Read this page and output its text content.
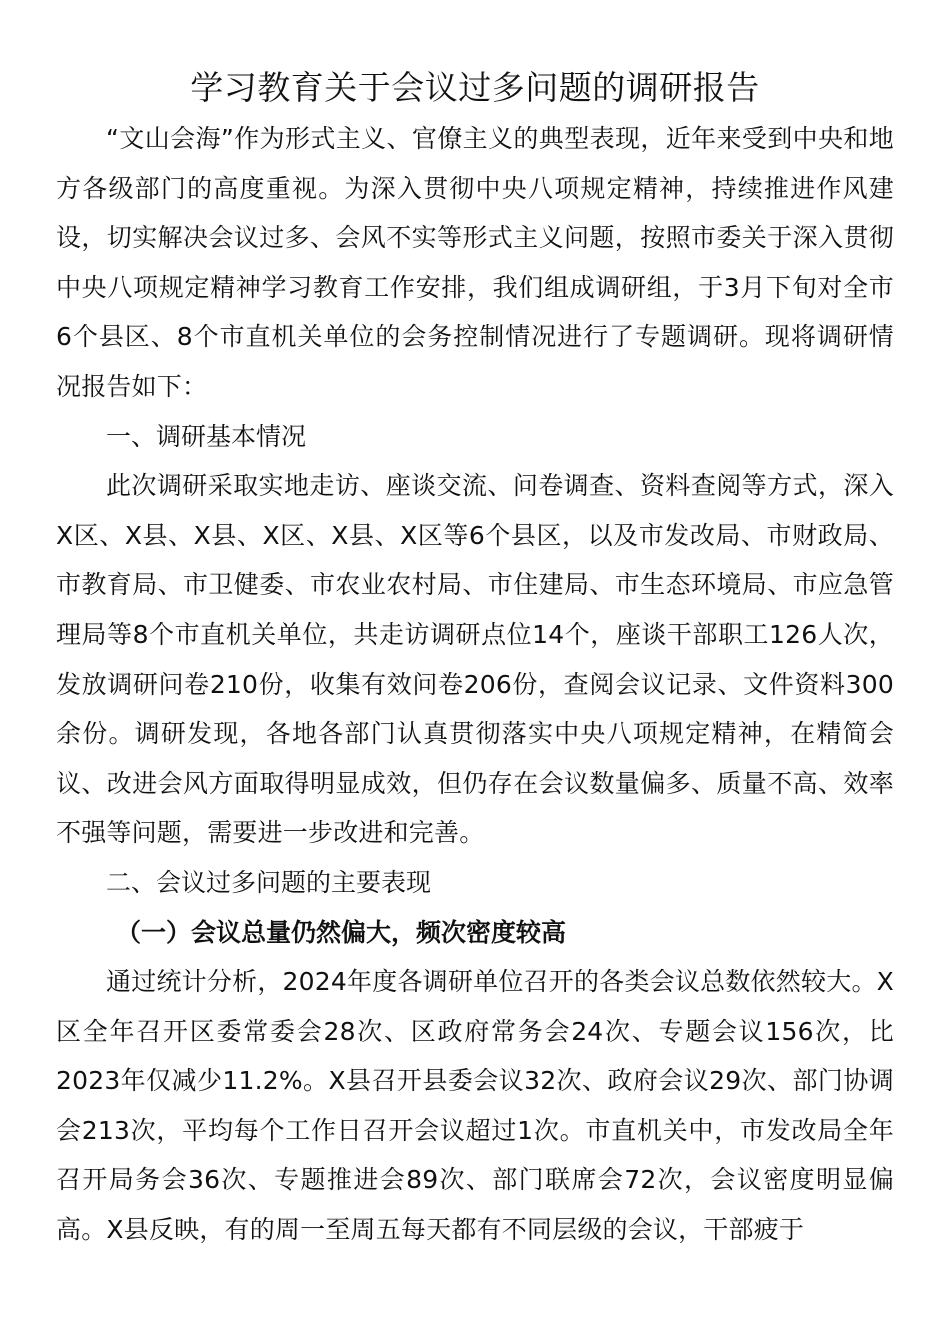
学习教育关于会议过多问题的调研报告

“文山会海”作为形式主义、官僚主义的典型表现，近年来受到中央和地方各级部门的高度重视。为深入贯彻中央八项规定精神，持续推进作风建设，切实解决会议过多、会风不实等形式主义问题，按照市委关于深入贯彻中央八项规定精神学习教育工作安排，我们组成调研组，于3月下旬对全市6个县区、8个市直机关单位的会务控制情况进行了专题调研。现将调研情况报告如下：

一、调研基本情况

此次调研采取实地走访、座谈交流、问卷调查、资料查阅等方式，深入X区、X县、X县、X区、X县、X区等6个县区，以及市发改局、市财政局、市教育局、市卫健委、市农业农村局、市住建局、市生态环境局、市应急管理局等8个市直机关单位，共走访调研点位14个，座谈干部职工126人次，发放调研问卷210份，收集有效问卷206份，查阅会议记录、文件资料300余份。调研发现，各地各部门认真贯彻落实中央八项规定精神，在精简会议、改进会风方面取得明显成效，但仍存在会议数量偏多、质量不高、效率不强等问题，需要进一步改进和完善。

二、会议过多问题的主要表现

（一）会议总量仍然偏大，频次密度较高

通过统计分析，2024年度各调研单位召开的各类会议总数依然较大。X区全年召开区委常委会28次、区政府常务会24次、专题会议156次，比2023年仅减少11.2%。X县召开县委会议32次、政府会议29次、部门协调会213次，平均每个工作日召开会议超过1次。市直机关中，市发改局全年召开局务会36次、专题推进会89次、部门联席会72次，会议密度明显偏高。X县反映，有的周一至周五每天都有不同层级的会议，干部疲于
